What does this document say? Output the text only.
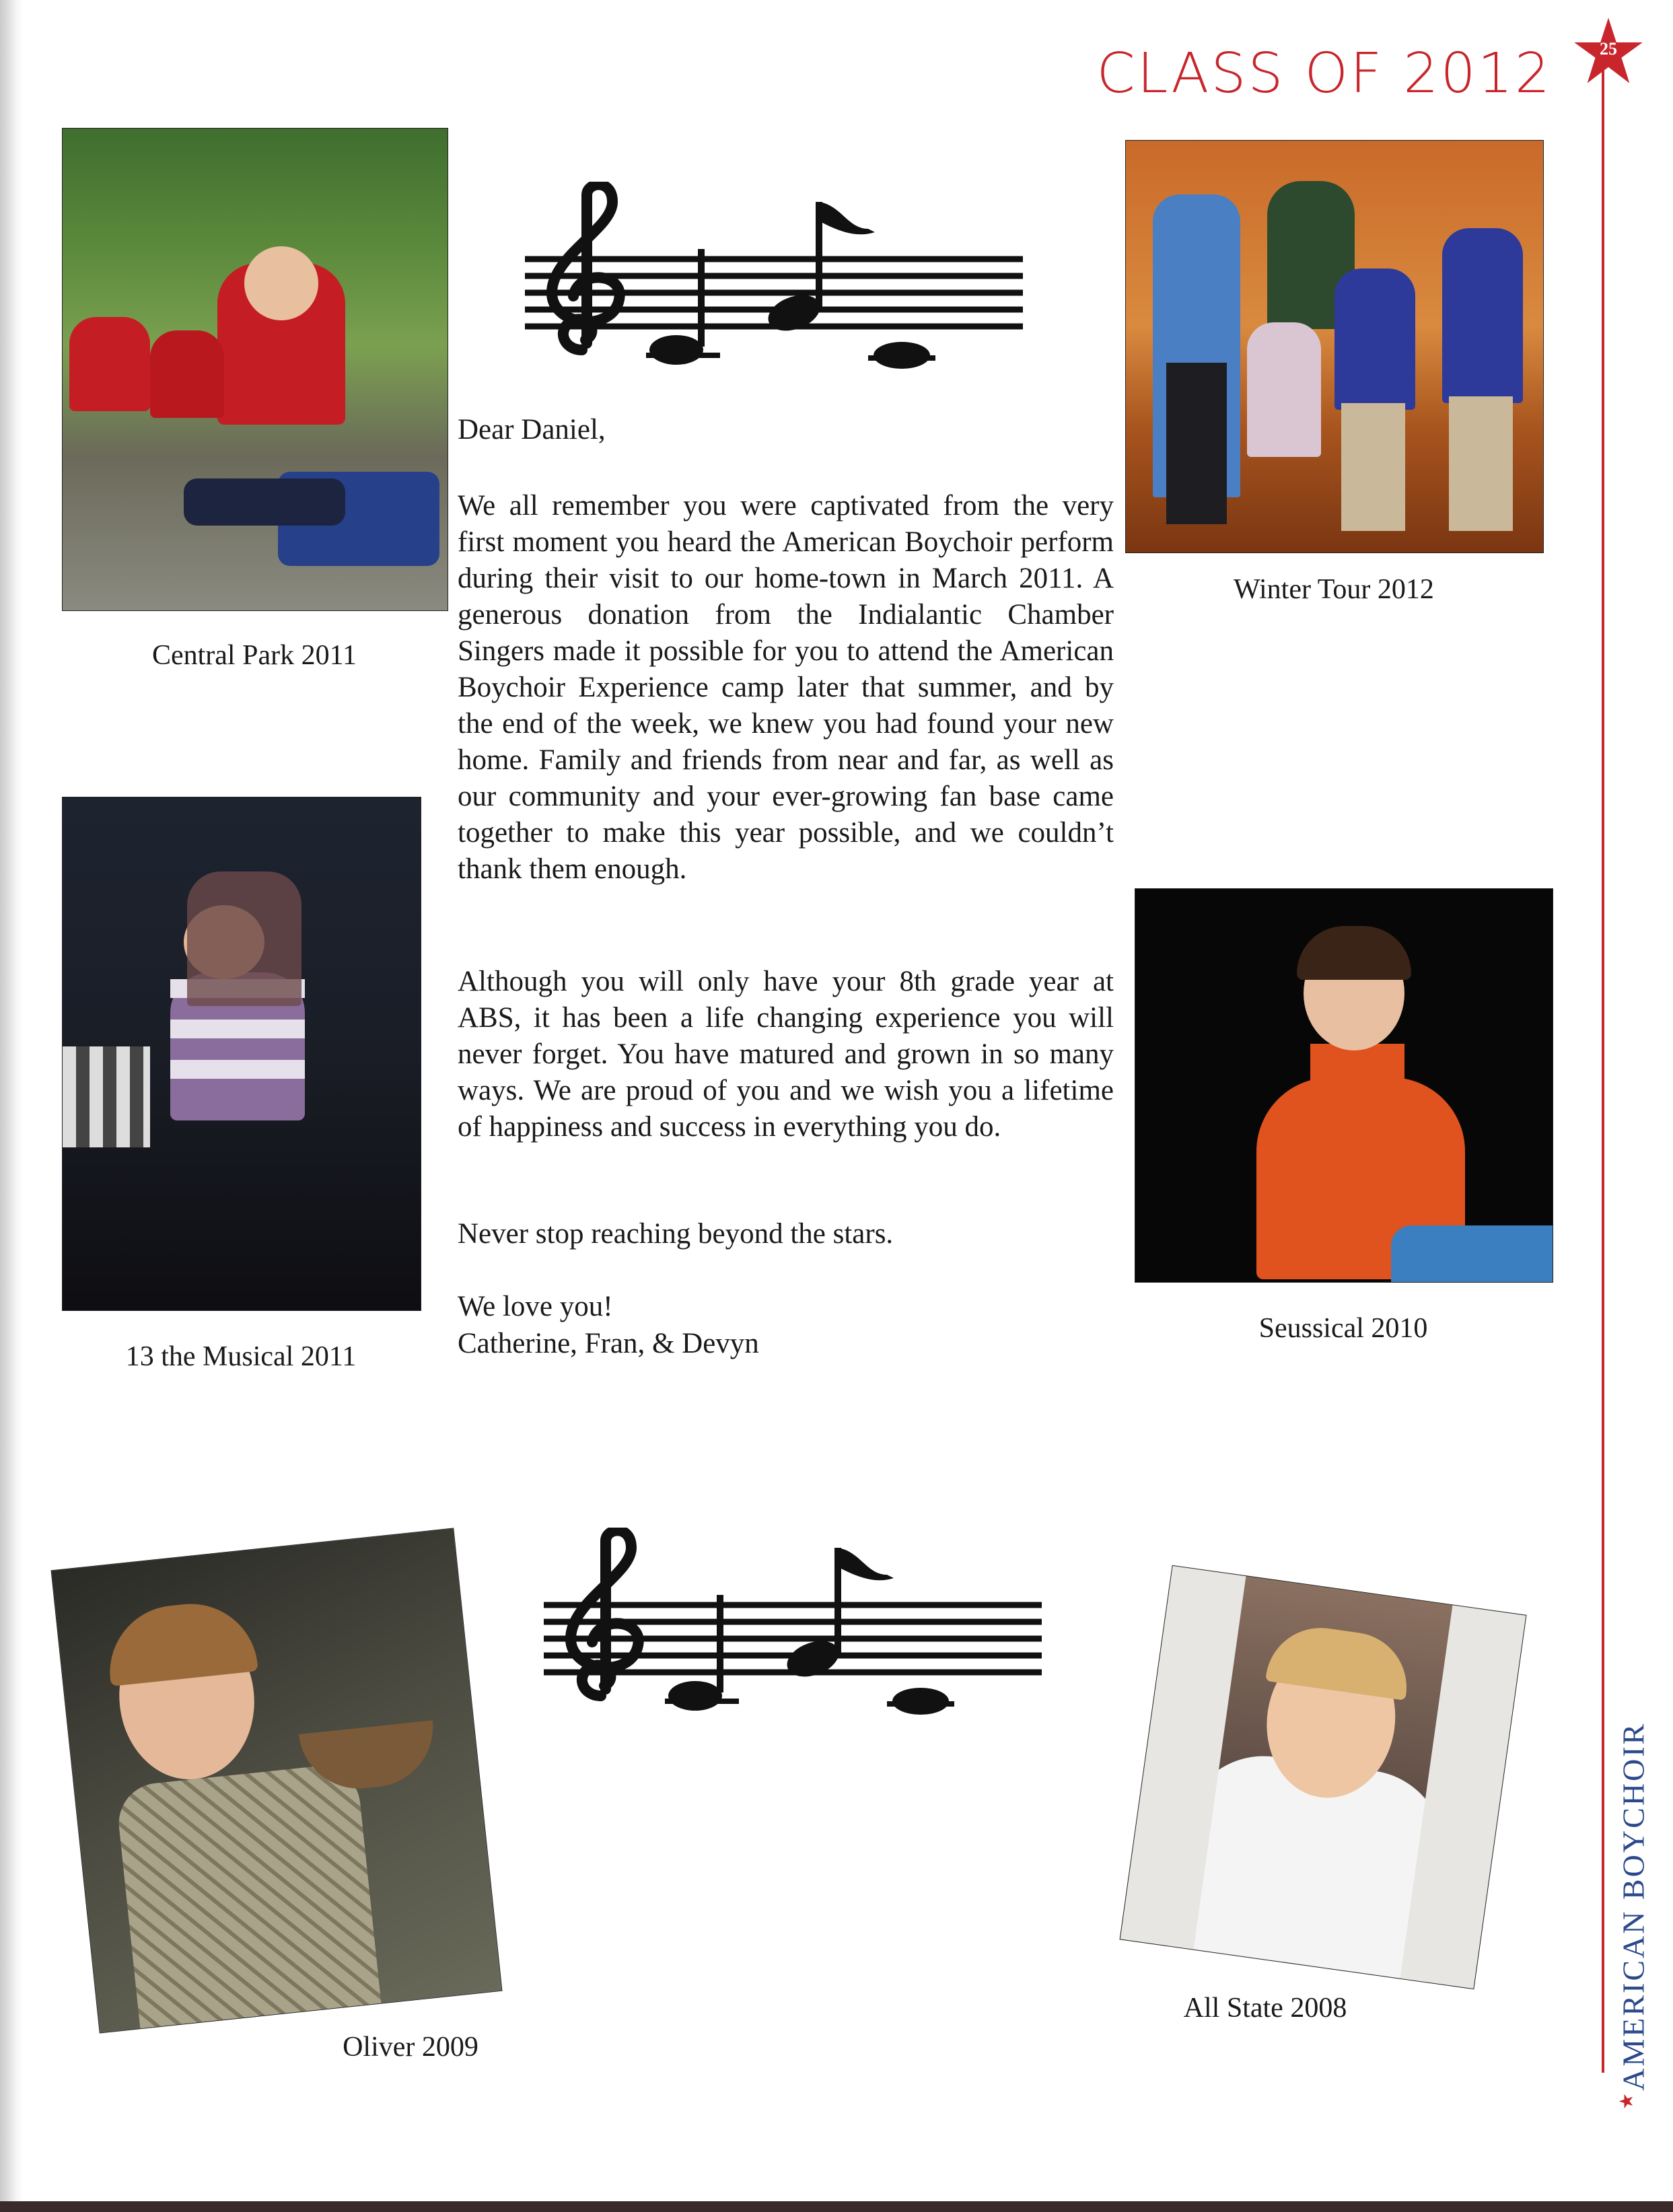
CLASS OF 2012	25
★AMERICAN BOYCHOIR
Central Park 2011
Winter Tour 2012
13 the Musical 2011
Seussical 2010
Oliver 2009
All State 2008
Dear Daniel,
We all remember you were captivated from the very first moment you heard the American Boychoir perform during their visit to our home-town in March 2011. A generous donation from the Indialantic Chamber Singers made it possible for you to attend the American Boychoir Experience camp later that summer, and by the end of the week, we knew you had found your new home. Family and friends from near and far, as well as our community and your ever-growing fan base came together to make this year possible, and we couldn’t thank them enough.
Although you will only have your 8th grade year at ABS, it has been a life changing experience you will never forget. You have matured and grown in so many ways. We are proud of you and we wish you a lifetime of happiness and success in everything you do.
Never stop reaching beyond the stars.
We love you!
Catherine, Fran, & Devyn
